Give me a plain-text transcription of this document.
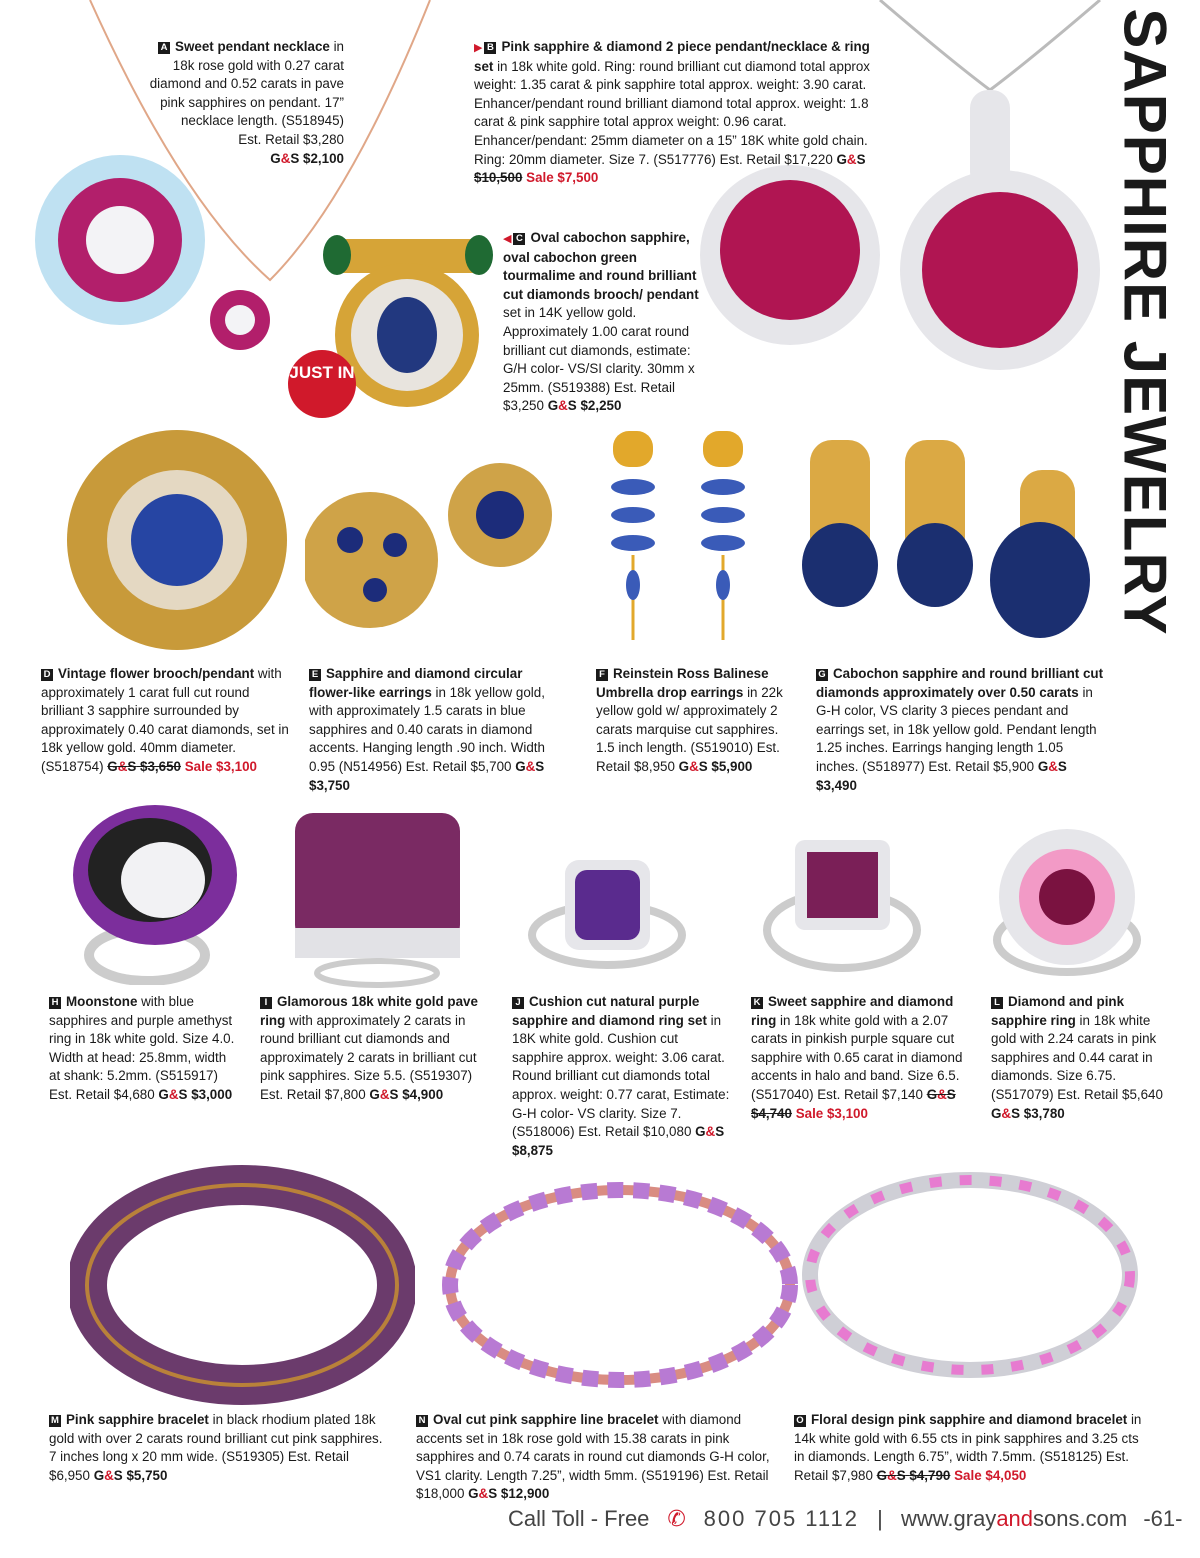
SAPPHIRE JEWELRY
JUST IN
A Sweet pendant necklace in
18k rose gold with 0.27 carat
diamond and 0.52 carats in pave
pink sapphires on pendant. 17”
necklace length. (S518945)
Est. Retail $3,280
G&S $2,100
▶ B Pink sapphire & diamond 2 piece pendant/necklace & ring set in 18k white gold. Ring: round brilliant cut diamond total approx weight: 1.35 carat & pink sapphire total approx. weight: 3.90 carat. Enhancer/pendant round brilliant diamond total approx. weight: 1.8 carat & pink sapphire total approx weight: 0.96 carat. Enhancer/pendant: 25mm diameter on a 15” 18K white gold chain. Ring: 20mm diameter. Size 7. (S517776) Est. Retail $17,220 G&S $10,500 Sale $7,500
◀ C Oval cabochon sapphire, oval cabochon green tourmalime and round brilliant cut diamonds brooch/ pendant set in 14K yellow gold. Approximately 1.00 carat round brilliant cut diamonds, estimate: G/H color- VS/SI clarity. 30mm x 25mm. (S519388) Est. Retail $3,250 G&S $2,250
D Vintage flower brooch/pendant with approximately 1 carat full cut round brilliant 3 sapphire surrounded by approximately 0.40 carat diamonds, set in 18k yellow gold. 40mm diameter. (S518754) G&S $3,650 Sale $3,100
E Sapphire and diamond circular flower-like earrings in 18k yellow gold, with approximately 1.5 carats in blue sapphires and 0.40 carats in diamond accents. Hanging length .90 inch. Width 0.95 (N514956) Est. Retail $5,700 G&S $3,750
F Reinstein Ross Balinese Umbrella drop earrings in 22k yellow gold w/ approximately 2 carats marquise cut sapphires. 1.5 inch length. (S519010) Est. Retail $8,950 G&S $5,900
G Cabochon sapphire and round brilliant cut diamonds approximately over 0.50 carats in G-H color, VS clarity 3 pieces pendant and earrings set, in 18k yellow gold. Pendant length 1.25 inches. Earrings hanging length 1.05 inches. (S518977) Est. Retail $5,900 G&S $3,490
H Moonstone with blue sapphires and purple amethyst ring in 18k white gold. Size 4.0. Width at head: 25.8mm, width at shank: 5.2mm. (S515917) Est. Retail $4,680 G&S $3,000
I Glamorous 18k white gold pave ring with approximately 2 carats in round brilliant cut diamonds and approximately 2 carats in brilliant cut pink sapphires. Size 5.5. (S519307) Est. Retail $7,800 G&S $4,900
J Cushion cut natural purple sapphire and diamond ring set in 18K white gold. Cushion cut sapphire approx. weight: 3.06 carat. Round brilliant cut diamonds total approx. weight: 0.77 carat, Estimate: G-H color- VS clarity. Size 7. (S518006) Est. Retail $10,080 G&S $8,875
K Sweet sapphire and diamond ring in 18k white gold with a 2.07 carats in pinkish purple square cut sapphire with 0.65 carat in diamond accents in halo and band. Size 6.5. (S517040) Est. Retail $7,140 G&S $4,740 Sale $3,100
L Diamond and pink sapphire ring in 18k white gold with 2.24 carats in pink sapphires and 0.44 carat in diamonds. Size 6.75. (S517079) Est. Retail $5,640 G&S $3,780
M Pink sapphire bracelet in black rhodium plated 18k gold with over 2 carats round brilliant cut pink sapphires. 7 inches long x 20 mm wide. (S519305) Est. Retail $6,950 G&S $5,750
N Oval cut pink sapphire line bracelet with diamond accents set in 18k rose gold with 15.38 carats in pink sapphires and 0.74 carats in round cut diamonds G-H color, VS1 clarity. Length 7.25”, width 5mm. (S519196) Est. Retail $18,000 G&S $12,900
O Floral design pink sapphire and diamond bracelet in 14k white gold with 6.55 cts in pink sapphires and 3.25 cts in diamonds. Length 6.75”, width 7.5mm. (S518125) Est. Retail $7,980 G&S $4,790 Sale $4,050
Call Toll - Free ✆ 800 705 1112 | www.grayandsons.com -61-
